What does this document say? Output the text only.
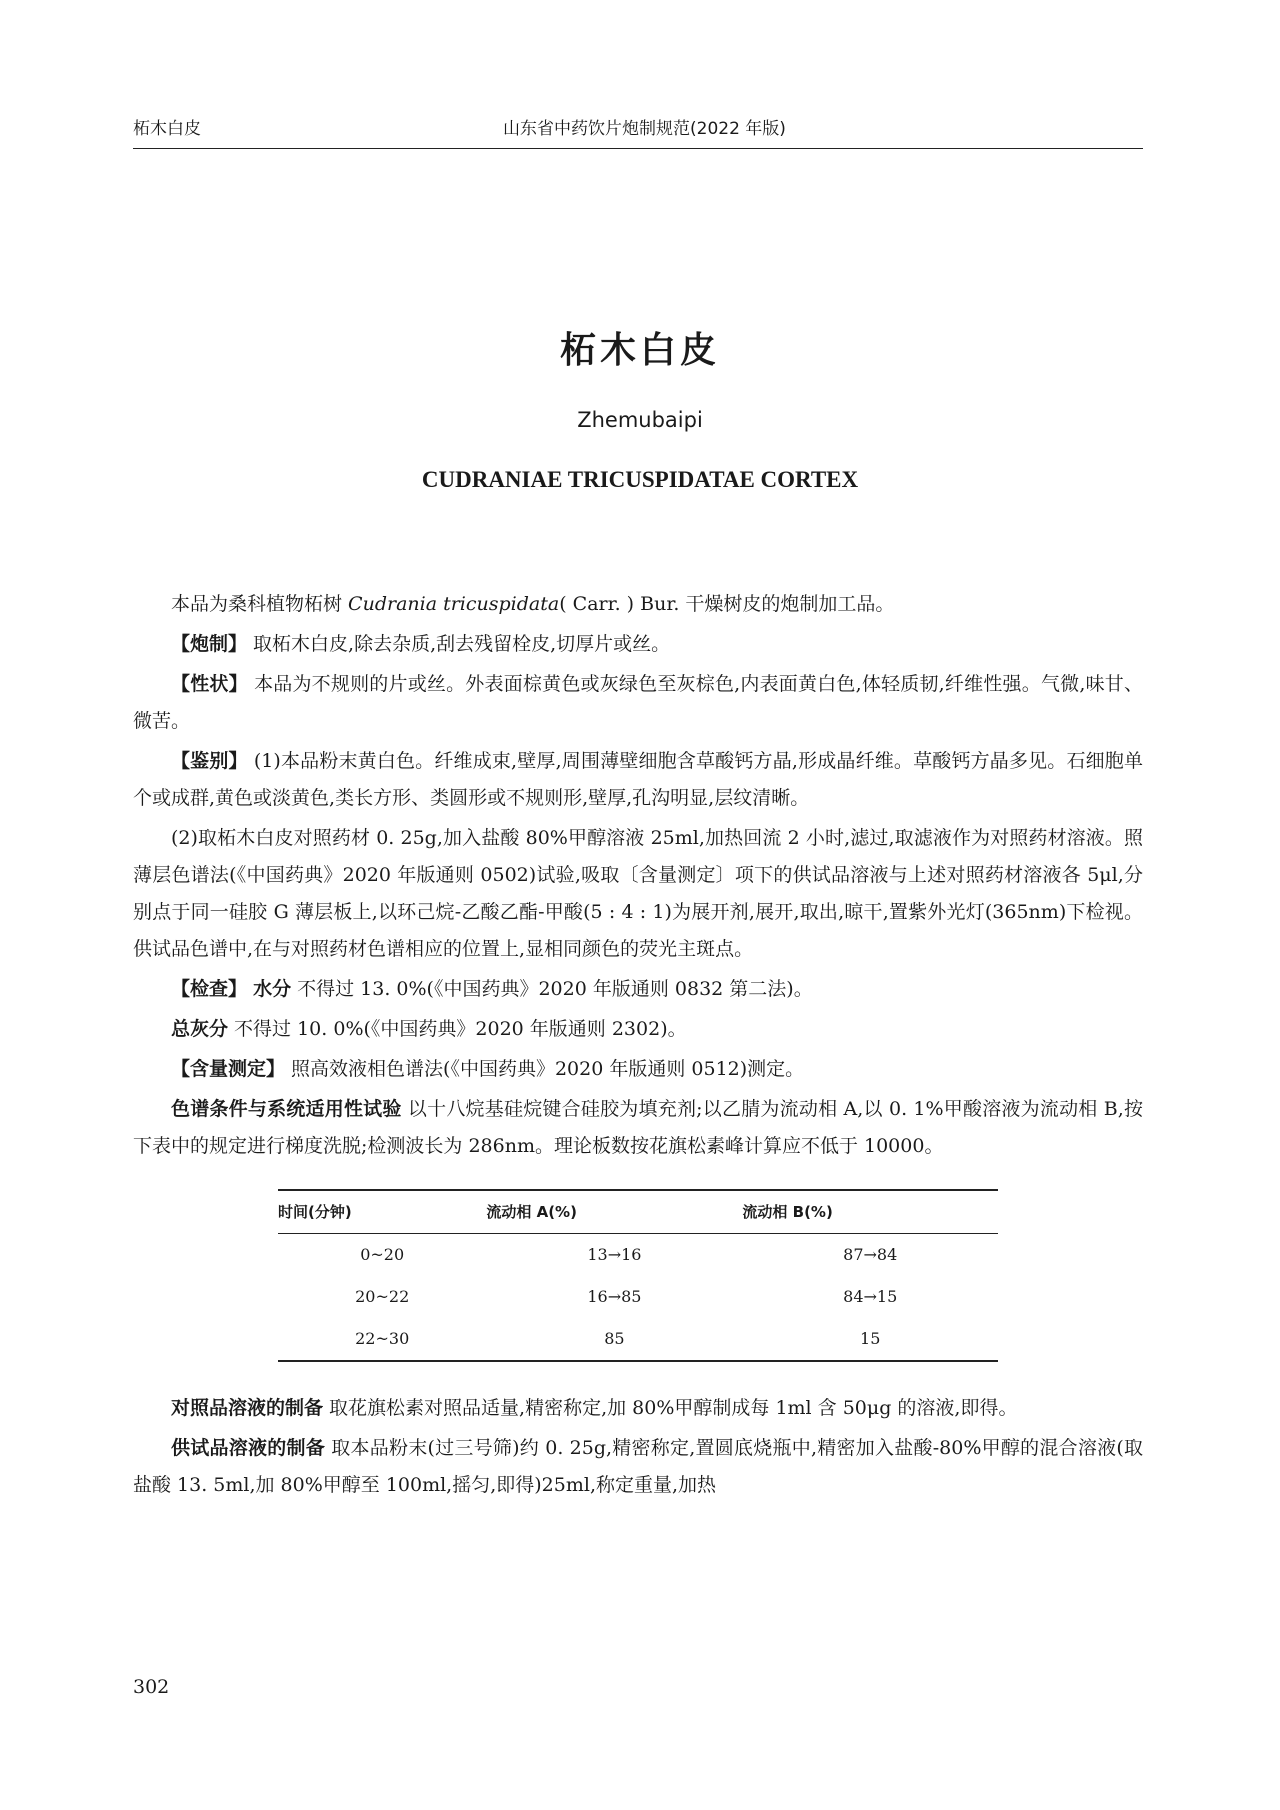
柘木白皮	山东省中药饮片炮制规范(2022 年版)
柘木白皮
Zhemubaipi
CUDRANIAE TRICUSPIDATAE CORTEX

本品为桑科植物柘树 Cudrania tricuspidata( Carr. ) Bur. 干燥树皮的炮制加工品。

【炮制】 取柘木白皮,除去杂质,刮去残留栓皮,切厚片或丝。

【性状】 本品为不规则的片或丝。外表面棕黄色或灰绿色至灰棕色,内表面黄白色,体轻质韧,纤维性强。气微,味甘、微苦。

【鉴别】 (1)本品粉末黄白色。纤维成束,壁厚,周围薄壁细胞含草酸钙方晶,形成晶纤维。草酸钙方晶多见。石细胞单个或成群,黄色或淡黄色,类长方形、类圆形或不规则形,壁厚,孔沟明显,层纹清晰。

(2)取柘木白皮对照药材 0. 25g,加入盐酸 80%甲醇溶液 25ml,加热回流 2 小时,滤过,取滤液作为对照药材溶液。照薄层色谱法(《中国药典》2020 年版通则 0502)试验,吸取〔含量测定〕项下的供试品溶液与上述对照药材溶液各 5μl,分别点于同一硅胶 G 薄层板上,以环己烷-乙酸乙酯-甲酸(5 : 4 : 1)为展开剂,展开,取出,晾干,置紫外光灯(365nm)下检视。供试品色谱中,在与对照药材色谱相应的位置上,显相同颜色的荧光主斑点。

【检查】 水分 不得过 13. 0%(《中国药典》2020 年版通则 0832 第二法)。

总灰分 不得过 10. 0%(《中国药典》2020 年版通则 2302)。

【含量测定】 照高效液相色谱法(《中国药典》2020 年版通则 0512)测定。

色谱条件与系统适用性试验 以十八烷基硅烷键合硅胶为填充剂;以乙腈为流动相 A,以 0. 1%甲酸溶液为流动相 B,按下表中的规定进行梯度洗脱;检测波长为 286nm。理论板数按花旗松素峰计算应不低于 10000。

时间(分钟)	流动相 A(%)	流动相 B(%)
0~20	13→16	87→84
20~22	16→85	84→15
22~30	85	15

对照品溶液的制备 取花旗松素对照品适量,精密称定,加 80%甲醇制成每 1ml 含 50μg 的溶液,即得。

供试品溶液的制备 取本品粉末(过三号筛)约 0. 25g,精密称定,置圆底烧瓶中,精密加入盐酸-80%甲醇的混合溶液(取盐酸 13. 5ml,加 80%甲醇至 100ml,摇匀,即得)25ml,称定重量,加热

302
